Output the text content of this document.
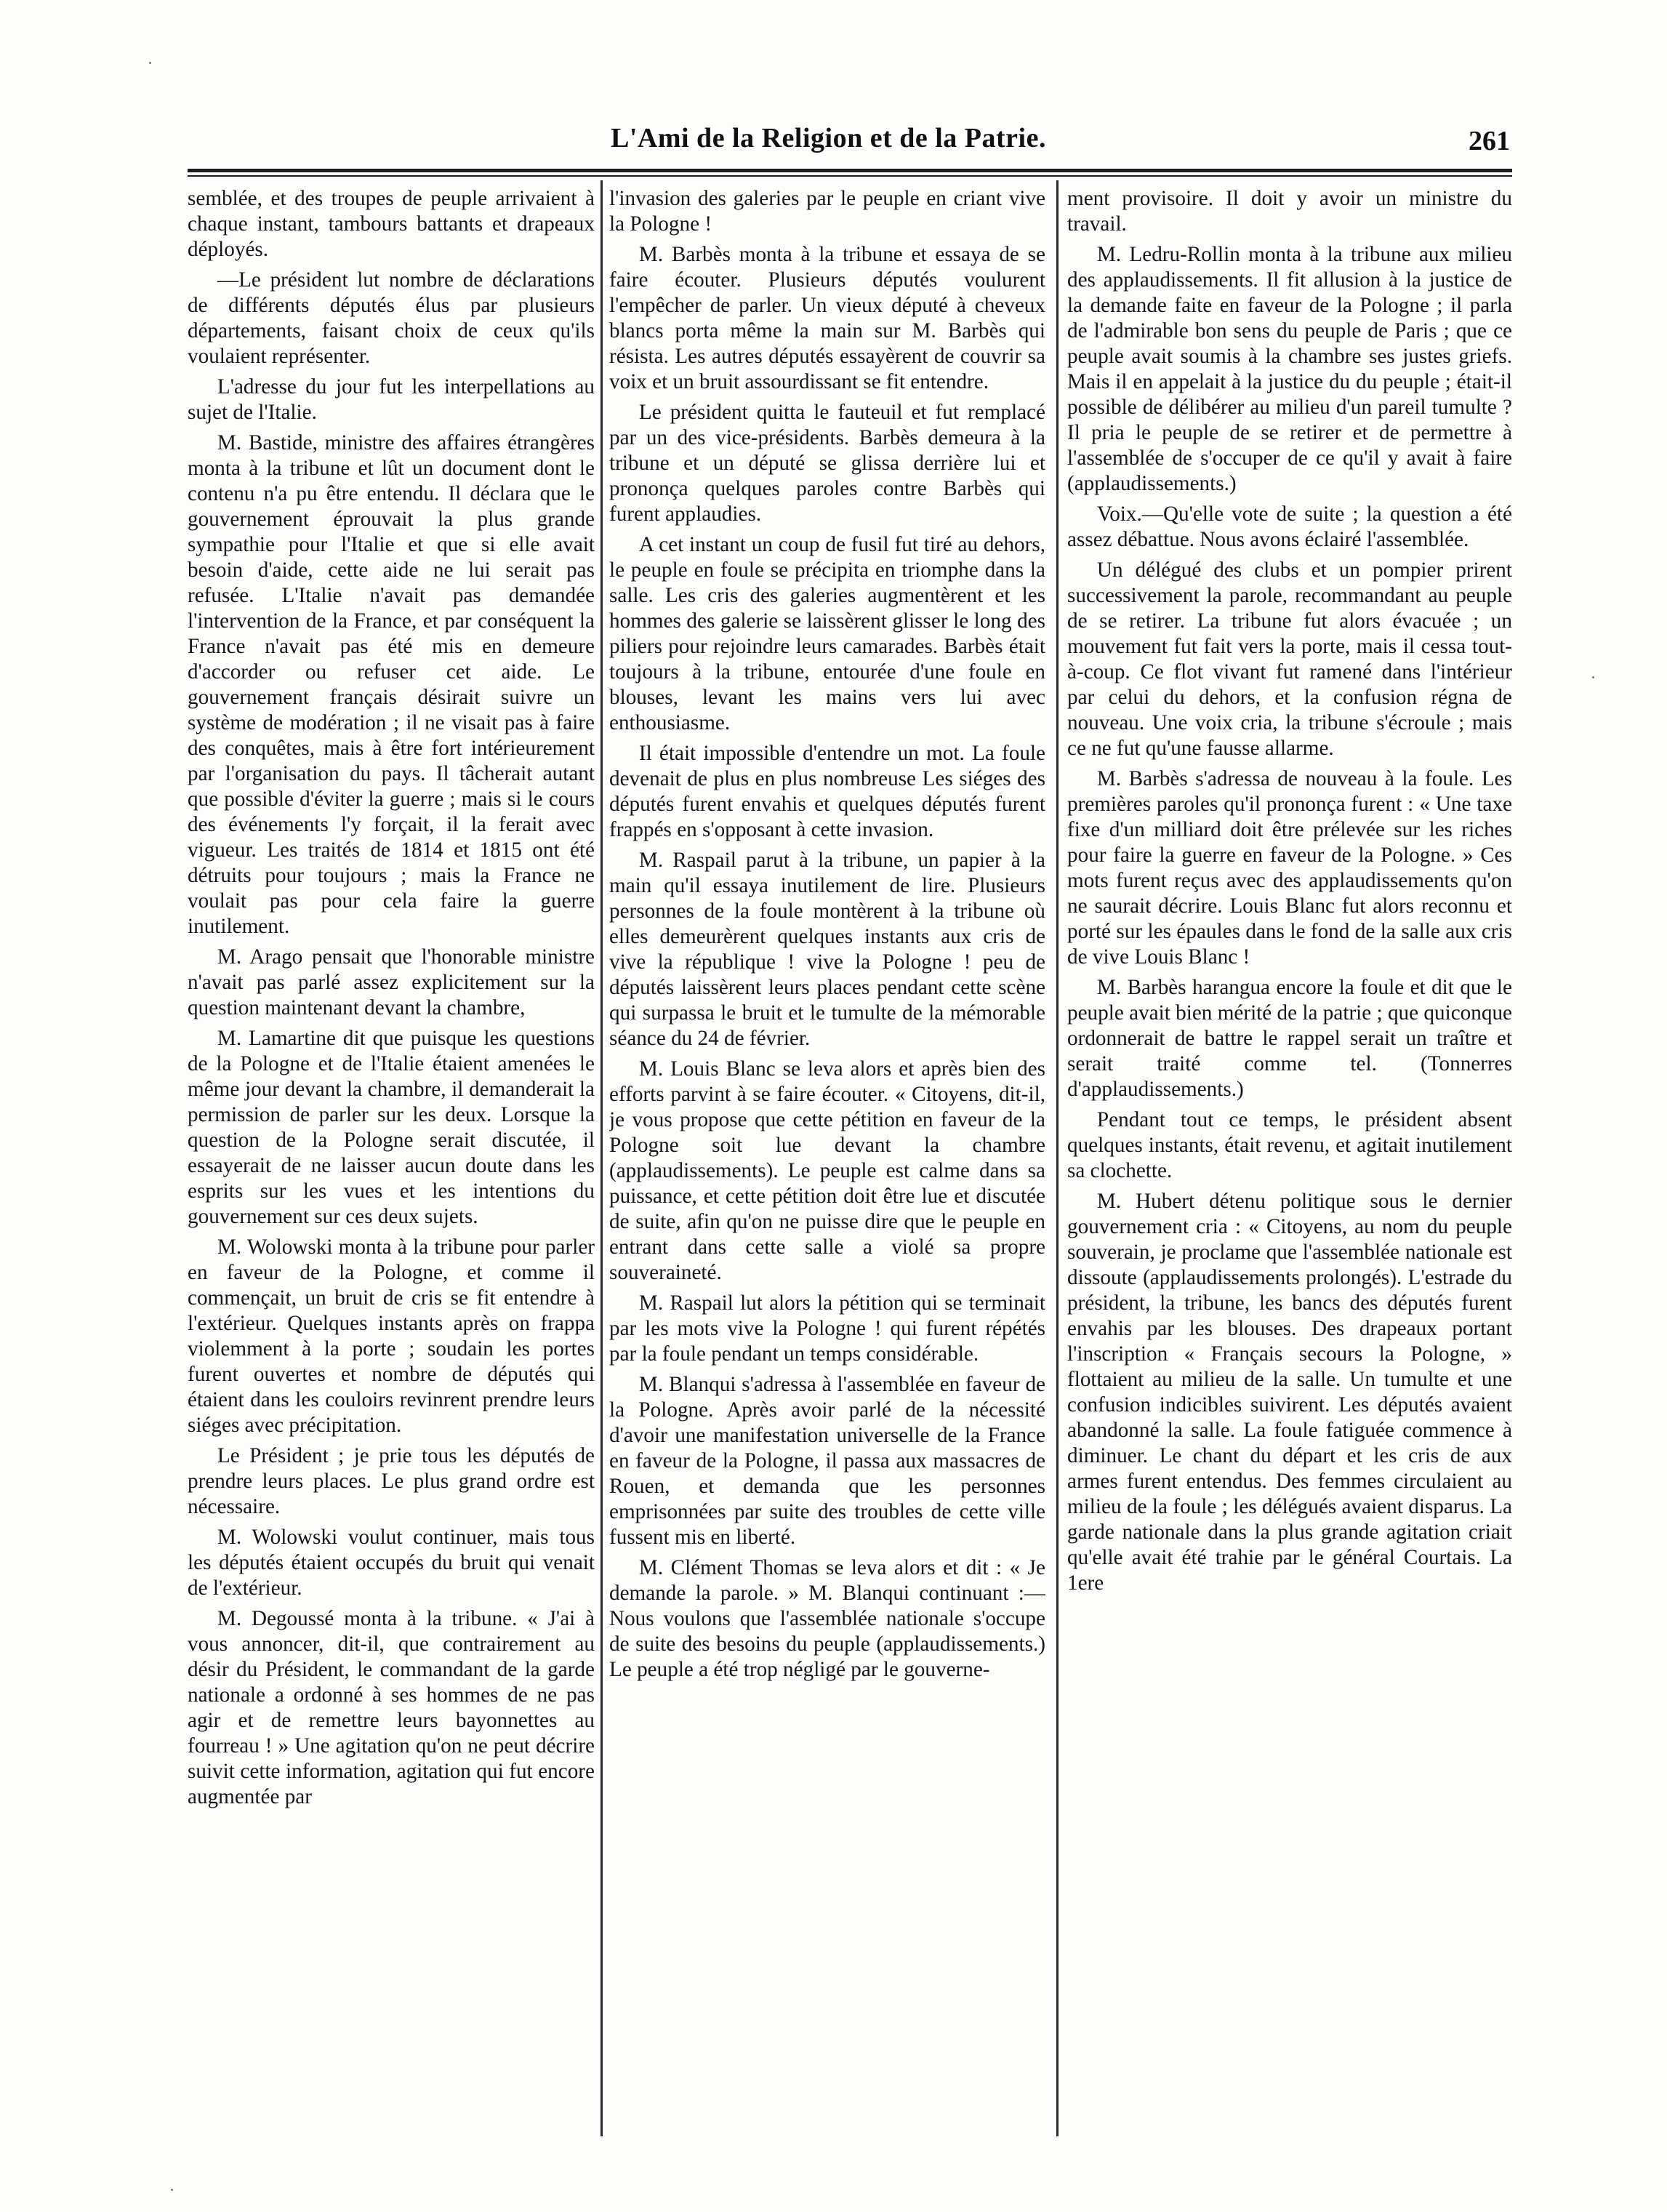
L'Ami de la Religion et de la Patrie.	261

semblée, et des troupes de peuple arrivaient à chaque instant, tambours battants et drapeaux déployés.

—Le président lut nombre de déclarations de différents députés élus par plusieurs départements, faisant choix de ceux qu'ils voulaient représenter.

L'adresse du jour fut les interpellations au sujet de l'Italie.

M. Bastide, ministre des affaires étrangères monta à la tribune et lût un document dont le contenu n'a pu être entendu. Il déclara que le gouvernement éprouvait la plus grande sympathie pour l'Italie et que si elle avait besoin d'aide, cette aide ne lui serait pas refusée. L'Italie n'avait pas demandée l'intervention de la France, et par conséquent la France n'avait pas été mis en demeure d'accorder ou refuser cet aide. Le gouvernement français désirait suivre un système de modération ; il ne visait pas à faire des conquêtes, mais à être fort intérieurement par l'organisation du pays. Il tâcherait autant que possible d'éviter la guerre ; mais si le cours des événements l'y forçait, il la ferait avec vigueur. Les traités de 1814 et 1815 ont été détruits pour toujours ; mais la France ne voulait pas pour cela faire la guerre inutilement.

M. Arago pensait que l'honorable ministre n'avait pas parlé assez explicitement sur la question maintenant devant la chambre,

M. Lamartine dit que puisque les questions de la Pologne et de l'Italie étaient amenées le même jour devant la chambre, il demanderait la permission de parler sur les deux. Lorsque la question de la Pologne serait discutée, il essayerait de ne laisser aucun doute dans les esprits sur les vues et les intentions du gouvernement sur ces deux sujets.

M. Wolowski monta à la tribune pour parler en faveur de la Pologne, et comme il commençait, un bruit de cris se fit entendre à l'extérieur. Quelques instants après on frappa violemment à la porte ; soudain les portes furent ouvertes et nombre de députés qui étaient dans les couloirs revinrent prendre leurs siéges avec précipitation.

Le Président ; je prie tous les députés de prendre leurs places. Le plus grand ordre est nécessaire.

M. Wolowski voulut continuer, mais tous les députés étaient occupés du bruit qui venait de l'extérieur.

M. Degoussé monta à la tribune. « J'ai à vous annoncer, dit-il, que contrairement au désir du Président, le commandant de la garde nationale a ordonné à ses hommes de ne pas agir et de remettre leurs bayonnettes au fourreau ! » Une agitation qu'on ne peut décrire suivit cette information, agitation qui fut encore augmentée par

l'invasion des galeries par le peuple en criant vive la Pologne !

M. Barbès monta à la tribune et essaya de se faire écouter. Plusieurs députés voulurent l'empêcher de parler. Un vieux député à cheveux blancs porta même la main sur M. Barbès qui résista. Les autres députés essayèrent de couvrir sa voix et un bruit assourdissant se fit entendre.

Le président quitta le fauteuil et fut remplacé par un des vice-présidents. Barbès demeura à la tribune et un député se glissa derrière lui et prononça quelques paroles contre Barbès qui furent applaudies.

A cet instant un coup de fusil fut tiré au dehors, le peuple en foule se précipita en triomphe dans la salle. Les cris des galeries augmentèrent et les hommes des galerie se laissèrent glisser le long des piliers pour rejoindre leurs camarades. Barbès était toujours à la tribune, entourée d'une foule en blouses, levant les mains vers lui avec enthousiasme.

Il était impossible d'entendre un mot. La foule devenait de plus en plus nombreuse Les siéges des députés furent envahis et quelques députés furent frappés en s'opposant à cette invasion.

M. Raspail parut à la tribune, un papier à la main qu'il essaya inutilement de lire. Plusieurs personnes de la foule montèrent à la tribune où elles demeurèrent quelques instants aux cris de vive la république ! vive la Pologne ! peu de députés laissèrent leurs places pendant cette scène qui surpassa le bruit et le tumulte de la mémorable séance du 24 de février.

M. Louis Blanc se leva alors et après bien des efforts parvint à se faire écouter. « Citoyens, dit-il, je vous propose que cette pétition en faveur de la Pologne soit lue devant la chambre (applaudissements). Le peuple est calme dans sa puissance, et cette pétition doit être lue et discutée de suite, afin qu'on ne puisse dire que le peuple en entrant dans cette salle a violé sa propre souveraineté.

M. Raspail lut alors la pétition qui se terminait par les mots vive la Pologne ! qui furent répétés par la foule pendant un temps considérable.

M. Blanqui s'adressa à l'assemblée en faveur de la Pologne. Après avoir parlé de la nécessité d'avoir une manifestation universelle de la France en faveur de la Pologne, il passa aux massacres de Rouen, et demanda que les personnes emprisonnées par suite des troubles de cette ville fussent mis en liberté.

M. Clément Thomas se leva alors et dit : « Je demande la parole. » M. Blanqui continuant :—Nous voulons que l'assemblée nationale s'occupe de suite des besoins du peuple (applaudissements.) Le peuple a été trop négligé par le gouverne-

ment provisoire. Il doit y avoir un ministre du travail.

M. Ledru-Rollin monta à la tribune aux milieu des applaudissements. Il fit allusion à la justice de la demande faite en faveur de la Pologne ; il parla de l'admirable bon sens du peuple de Paris ; que ce peuple avait soumis à la chambre ses justes griefs. Mais il en appelait à la justice du du peuple ; était-il possible de délibérer au milieu d'un pareil tumulte ? Il pria le peuple de se retirer et de permettre à l'assemblée de s'occuper de ce qu'il y avait à faire (applaudissements.)

Voix.—Qu'elle vote de suite ; la question a été assez débattue. Nous avons éclairé l'assemblée.

Un délégué des clubs et un pompier prirent successivement la parole, recommandant au peuple de se retirer. La tribune fut alors évacuée ; un mouvement fut fait vers la porte, mais il cessa tout-à-coup. Ce flot vivant fut ramené dans l'intérieur par celui du dehors, et la confusion régna de nouveau. Une voix cria, la tribune s'écroule ; mais ce ne fut qu'une fausse allarme.

M. Barbès s'adressa de nouveau à la foule. Les premières paroles qu'il prononça furent : « Une taxe fixe d'un milliard doit être prélevée sur les riches pour faire la guerre en faveur de la Pologne. » Ces mots furent reçus avec des applaudissements qu'on ne saurait décrire. Louis Blanc fut alors reconnu et porté sur les épaules dans le fond de la salle aux cris de vive Louis Blanc !

M. Barbès harangua encore la foule et dit que le peuple avait bien mérité de la patrie ; que quiconque ordonnerait de battre le rappel serait un traître et serait traité comme tel. (Tonnerres d'applaudissements.)

Pendant tout ce temps, le président absent quelques instants, était revenu, et agitait inutilement sa clochette.

M. Hubert détenu politique sous le dernier gouvernement cria : « Citoyens, au nom du peuple souverain, je proclame que l'assemblée nationale est dissoute (applaudissements prolongés). L'estrade du président, la tribune, les bancs des députés furent envahis par les blouses. Des drapeaux portant l'inscription « Français secours la Pologne, » flottaient au milieu de la salle. Un tumulte et une confusion indicibles suivirent. Les députés avaient abandonné la salle. La foule fatiguée commence à diminuer. Le chant du départ et les cris de aux armes furent entendus. Des femmes circulaient au milieu de la foule ; les délégués avaient disparus. La garde nationale dans la plus grande agitation criait qu'elle avait été trahie par le général Courtais. La 1ere
